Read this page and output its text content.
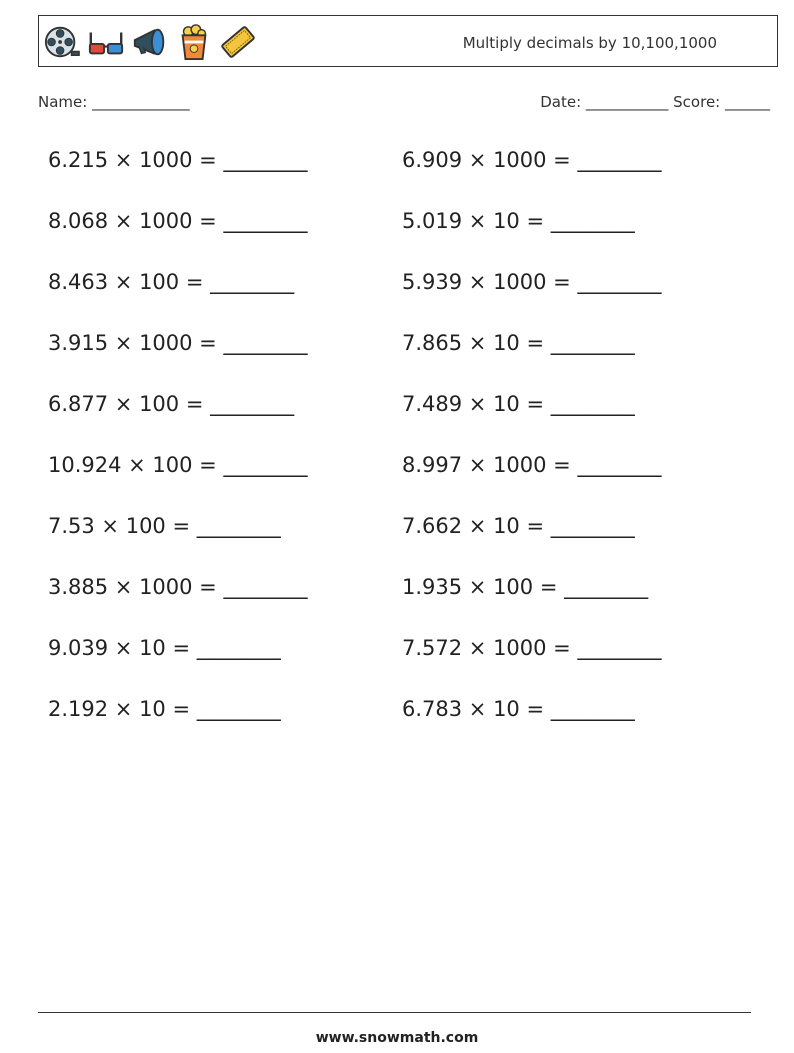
Multiply decimals by 10,100,1000
Name: _____________	Date: ___________ Score: ______
6.215 × 1000 = ________	6.909 × 1000 = ________
8.068 × 1000 = ________	5.019 × 10 = ________
8.463 × 100 = ________	5.939 × 1000 = ________
3.915 × 1000 = ________	7.865 × 10 = ________
6.877 × 100 = ________	7.489 × 10 = ________
10.924 × 100 = ________	8.997 × 1000 = ________
7.53 × 100 = ________	7.662 × 10 = ________
3.885 × 1000 = ________	1.935 × 100 = ________
9.039 × 10 = ________	7.572 × 1000 = ________
2.192 × 10 = ________	6.783 × 10 = ________
www.snowmath.com
